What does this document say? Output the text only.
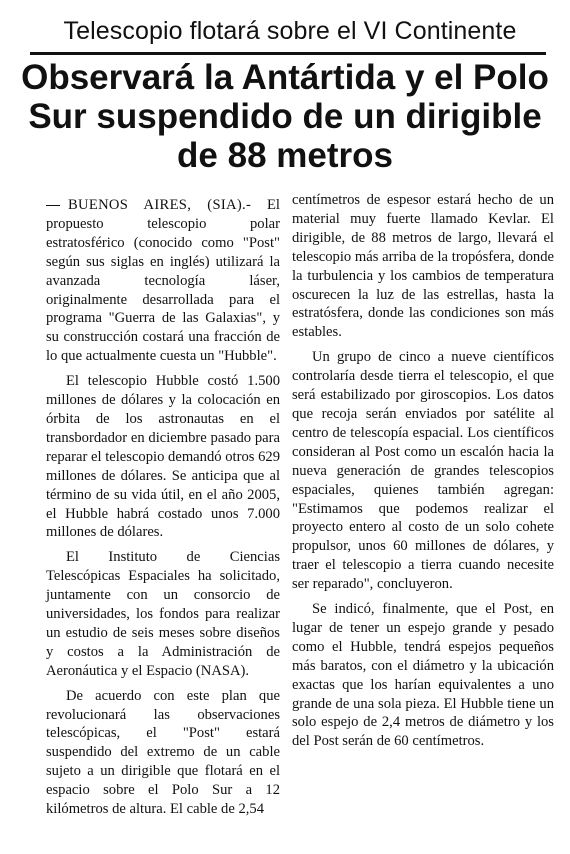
Telescopio flotará sobre el VI Continente
Observará la Antártida y el Polo Sur suspendido de un dirigible de 88 metros

BUENOS AIRES, (SIA).- El propuesto telescopio polar estratosférico (conocido como "Post" según sus siglas en inglés) utilizará la avanzada tecnología láser, originalmente desarrollada para el programa "Guerra de las Galaxias", y su construcción costará una fracción de lo que actualmente cuesta un "Hubble".

El telescopio Hubble costó 1.500 millones de dólares y la colocación en órbita de los astronautas en el transbordador en diciembre pasado para reparar el telescopio demandó otros 629 millones de dólares. Se anticipa que al término de su vida útil, en el año 2005, el Hubble habrá costado unos 7.000 millones de dólares.

El Instituto de Ciencias Telescópicas Espaciales ha solicitado, juntamente con un consorcio de universidades, los fondos para realizar un estudio de seis meses sobre diseños y costos a la Administración de Aeronáutica y el Espacio (NASA).

De acuerdo con este plan que revolucionará las observaciones telescópicas, el "Post" estará suspendido del extremo de un cable sujeto a un dirigible que flotará en el espacio sobre el Polo Sur a 12 kilómetros de altura. El cable de 2,54

centímetros de espesor estará hecho de un material muy fuerte llamado Kevlar. El dirigible, de 88 metros de largo, llevará el telescopio más arriba de la tropósfera, donde la turbulencia y los cambios de temperatura oscurecen la luz de las estrellas, hasta la estratósfera, donde las condiciones son más estables.

Un grupo de cinco a nueve científicos controlaría desde tierra el telescopio, el que será estabilizado por giroscopios. Los datos que recoja serán enviados por satélite al centro de telescopía espacial. Los científicos consideran al Post como un escalón hacia la nueva generación de grandes telescopios espaciales, quienes también agregan: "Estimamos que podemos realizar el proyecto entero al costo de un solo cohete propulsor, unos 60 millones de dólares, y traer el telescopio a tierra cuando necesite ser reparado", concluyeron.

Se indicó, finalmente, que el Post, en lugar de tener un espejo grande y pesado como el Hubble, tendrá espejos pequeños más baratos, con el diámetro y la ubicación exactas que los harían equivalentes a uno grande de una sola pieza. El Hubble tiene un solo espejo de 2,4 metros de diámetro y los del Post serán de 60 centímetros.
